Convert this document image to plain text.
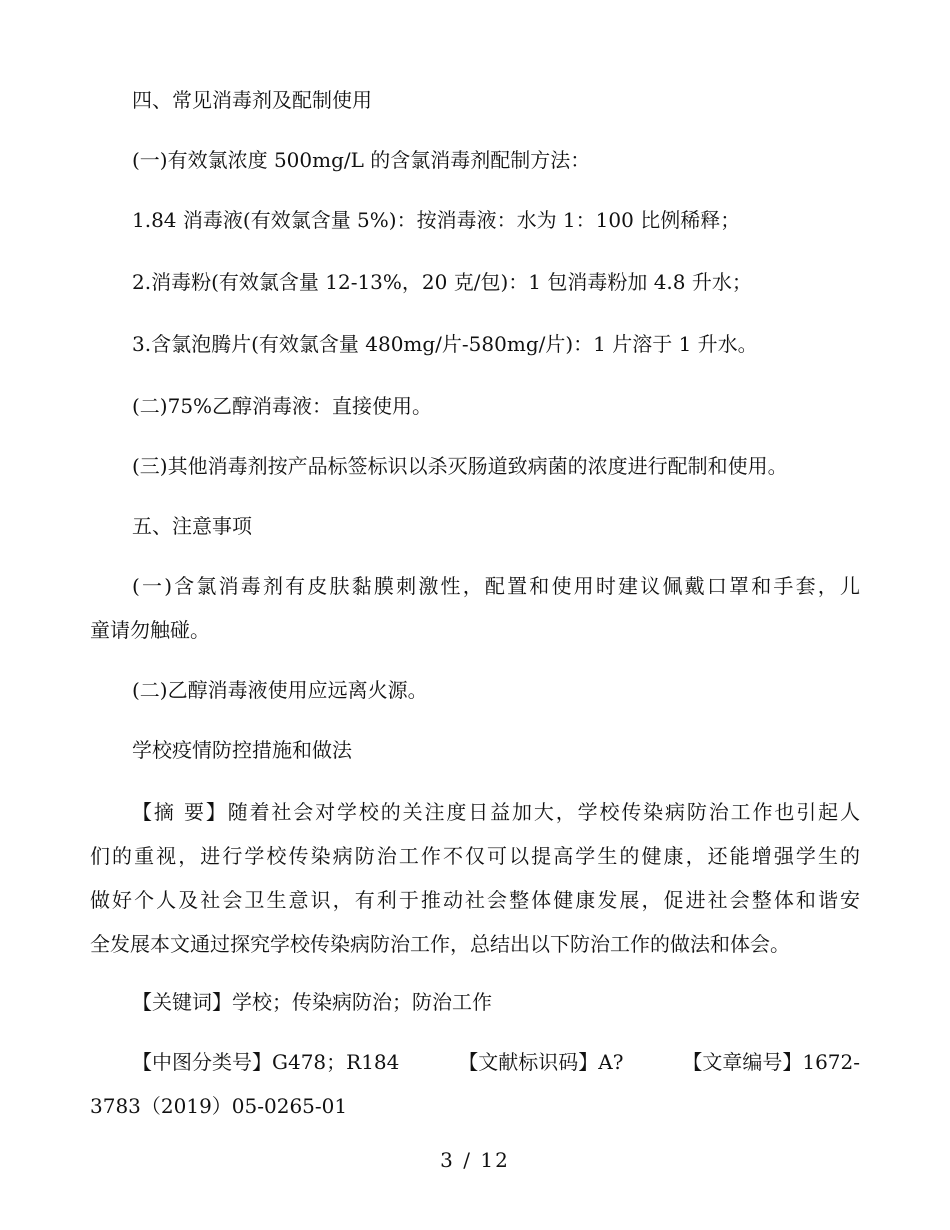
四、常见消毒剂及配制使用
(一)有效氯浓度 500mg/L 的含氯消毒剂配制方法：
1.84 消毒液(有效氯含量 5%)：按消毒液：水为 1：100 比例稀释；
2.消毒粉(有效氯含量 12-13%，20 克/包)：1 包消毒粉加 4.8 升水；
3.含氯泡腾片(有效氯含量 480mg/片-580mg/片)：1 片溶于 1 升水。
(二)75%乙醇消毒液：直接使用。
(三)其他消毒剂按产品标签标识以杀灭肠道致病菌的浓度进行配制和使用。
五、注意事项
(一)含氯消毒剂有皮肤黏膜刺激性，配置和使用时建议佩戴口罩和手套，儿
童请勿触碰。
(二)乙醇消毒液使用应远离火源。
学校疫情防控措施和做法
【摘 要】随着社会对学校的关注度日益加大，学校传染病防治工作也引起人
们的重视，进行学校传染病防治工作不仅可以提高学生的健康，还能增强学生的
做好个人及社会卫生意识，有利于推动社会整体健康发展，促进社会整体和谐安
全发展本文通过探究学校传染病防治工作，总结出以下防治工作的做法和体会。
【关键词】学校；传染病防治；防治工作
【中图分类号】G478；R184	【文献标识码】A?	【文章编号】1672-
3783（2019）05-0265-01
3 / 12
